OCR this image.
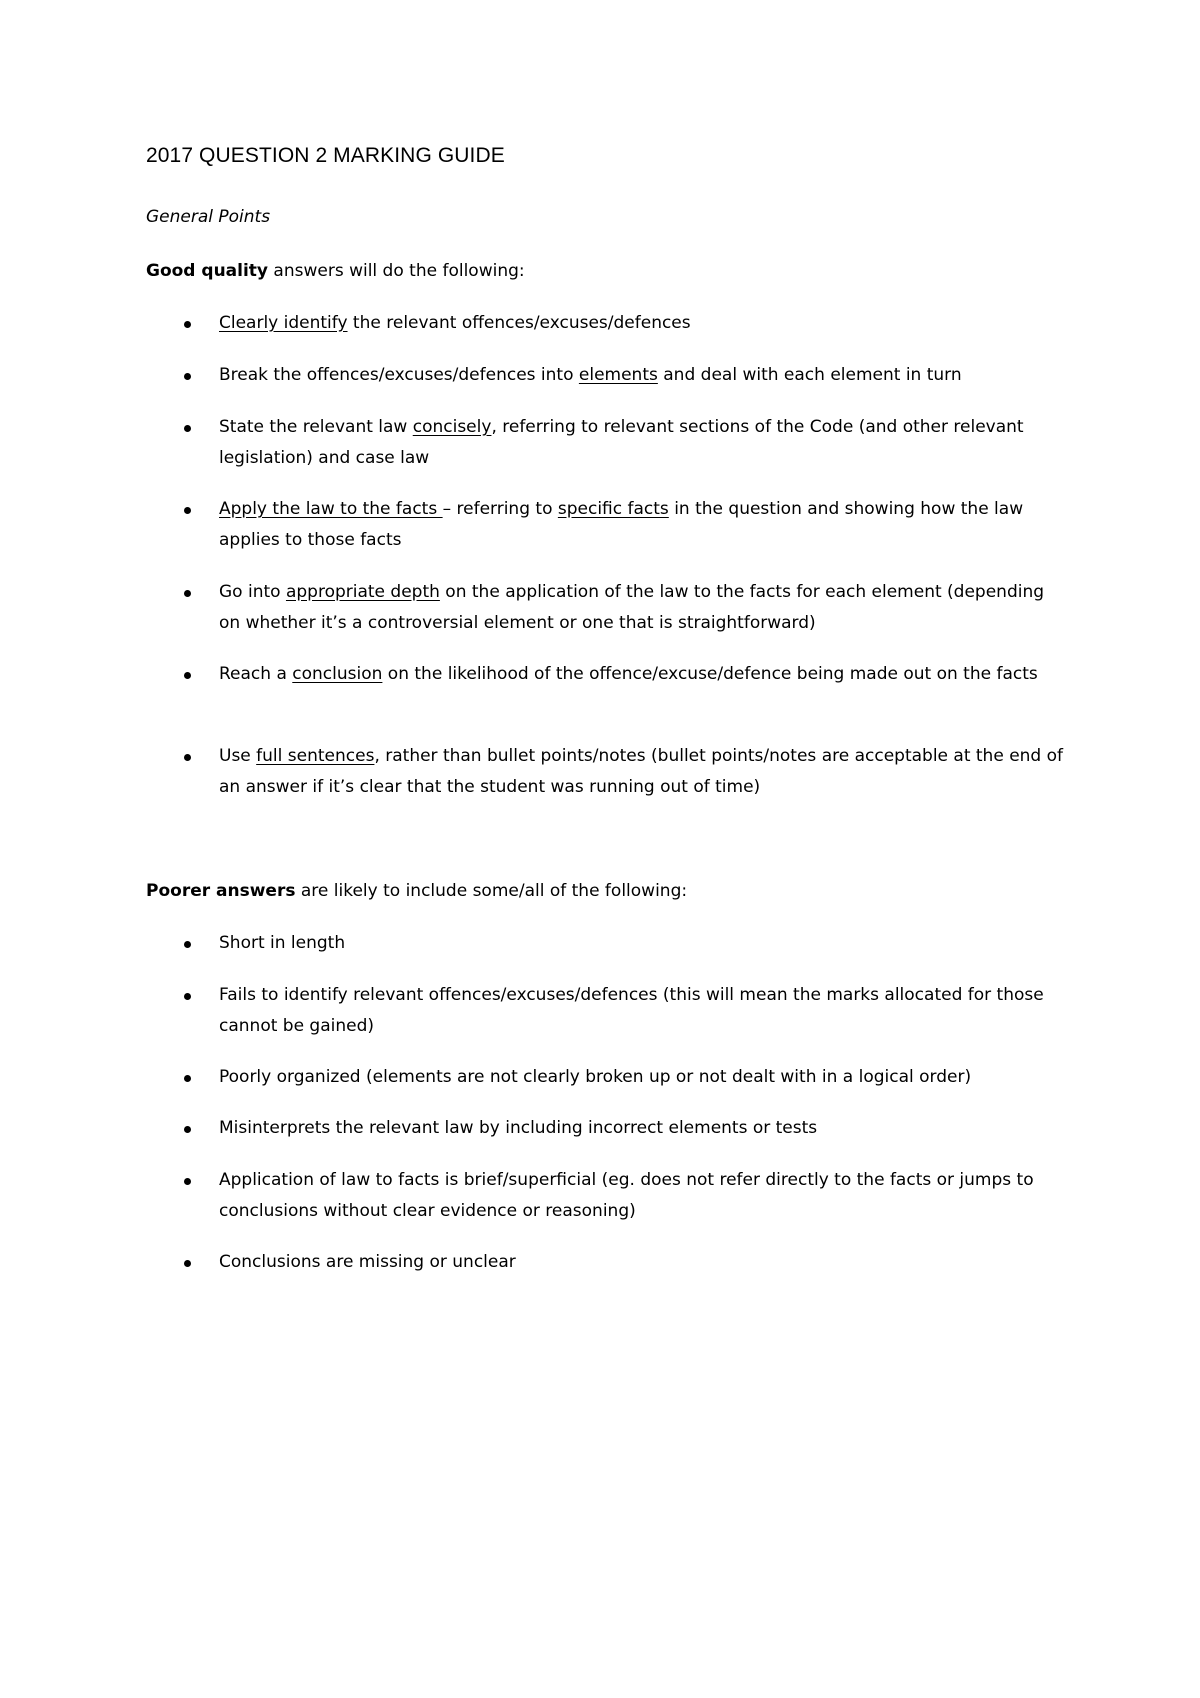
2017 QUESTION 2 MARKING GUIDE
General Points
Good quality answers will do the following:
Clearly identify the relevant offences/excuses/defences
Break the offences/excuses/defences into elements and deal with each element in turn
State the relevant law concisely, referring to relevant sections of the Code (and other relevant legislation) and case law
Apply the law to the facts – referring to specific facts in the question and showing how the law applies to those facts
Go into appropriate depth on the application of the law to the facts for each element (depending on whether it’s a controversial element or one that is straightforward)
Reach a conclusion on the likelihood of the offence/excuse/defence being made out on the facts
Use full sentences, rather than bullet points/notes (bullet points/notes are acceptable at the end of an answer if it’s clear that the student was running out of time)
Poorer answers are likely to include some/all of the following:
Short in length
Fails to identify relevant offences/excuses/defences (this will mean the marks allocated for those cannot be gained)
Poorly organized (elements are not clearly broken up or not dealt with in a logical order)
Misinterprets the relevant law by including incorrect elements or tests
Application of law to facts is brief/superficial (eg. does not refer directly to the facts or jumps to conclusions without clear evidence or reasoning)
Conclusions are missing or unclear
